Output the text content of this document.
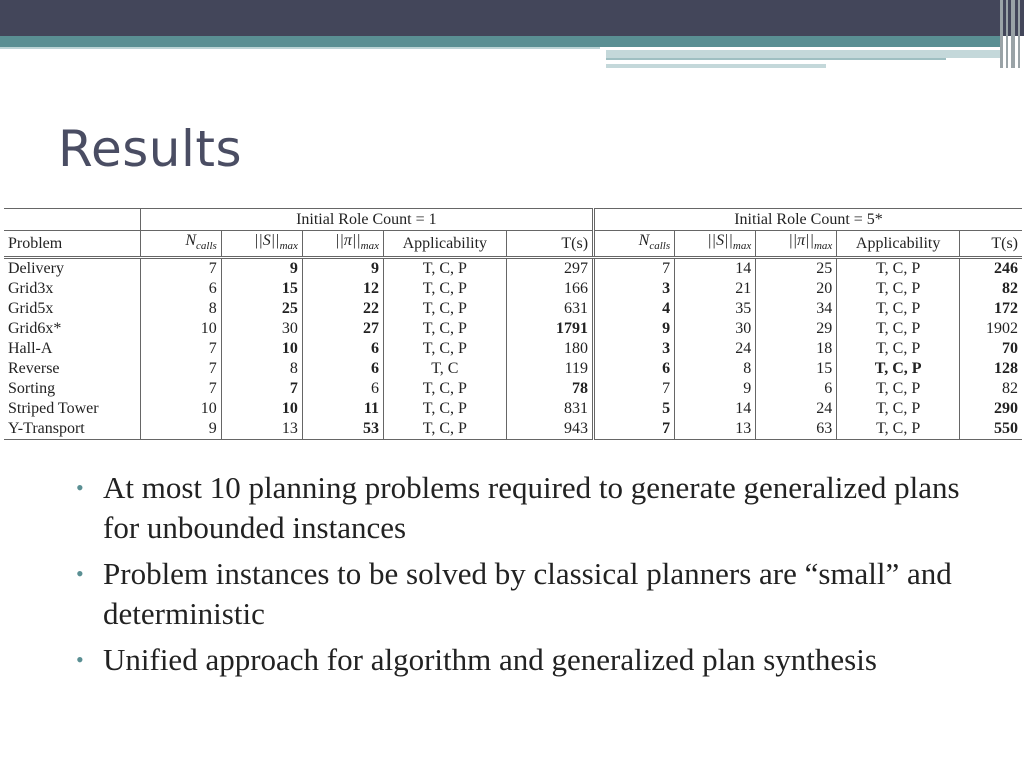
Results
	Initial Role Count = 1					Initial Role Count = 5*				
Problem	$N_{calls}$	$||S||_{max}$	$||\pi||_{max}$	Applicability	T(s)	$N_{calls}$	$||S||_{max}$	$||\pi||_{max}$	Applicability	T(s)
Delivery	7	9	9	T, C, P	297	7	14	25	T, C, P	246
Grid3x	6	15	12	T, C, P	166	3	21	20	T, C, P	82
Grid5x	8	25	22	T, C, P	631	4	35	34	T, C, P	172
Grid6x*	10	30	27	T, C, P	1791	9	30	29	T, C, P	1902
Hall-A	7	10	6	T, C, P	180	3	24	18	T, C, P	70
Reverse	7	8	6	T, C	119	6	8	15	T, C, P	128
Sorting	7	7	6	T, C, P	78	7	9	6	T, C, P	82
Striped Tower	10	10	11	T, C, P	831	5	14	24	T, C, P	290
Y-Transport	9	13	53	T, C, P	943	7	13	63	T, C, P	550
• At most 10 planning problems required to generate generalized plans for unbounded instances
• Problem instances to be solved by classical planners are “small” and deterministic
• Unified approach for algorithm and generalized plan synthesis
